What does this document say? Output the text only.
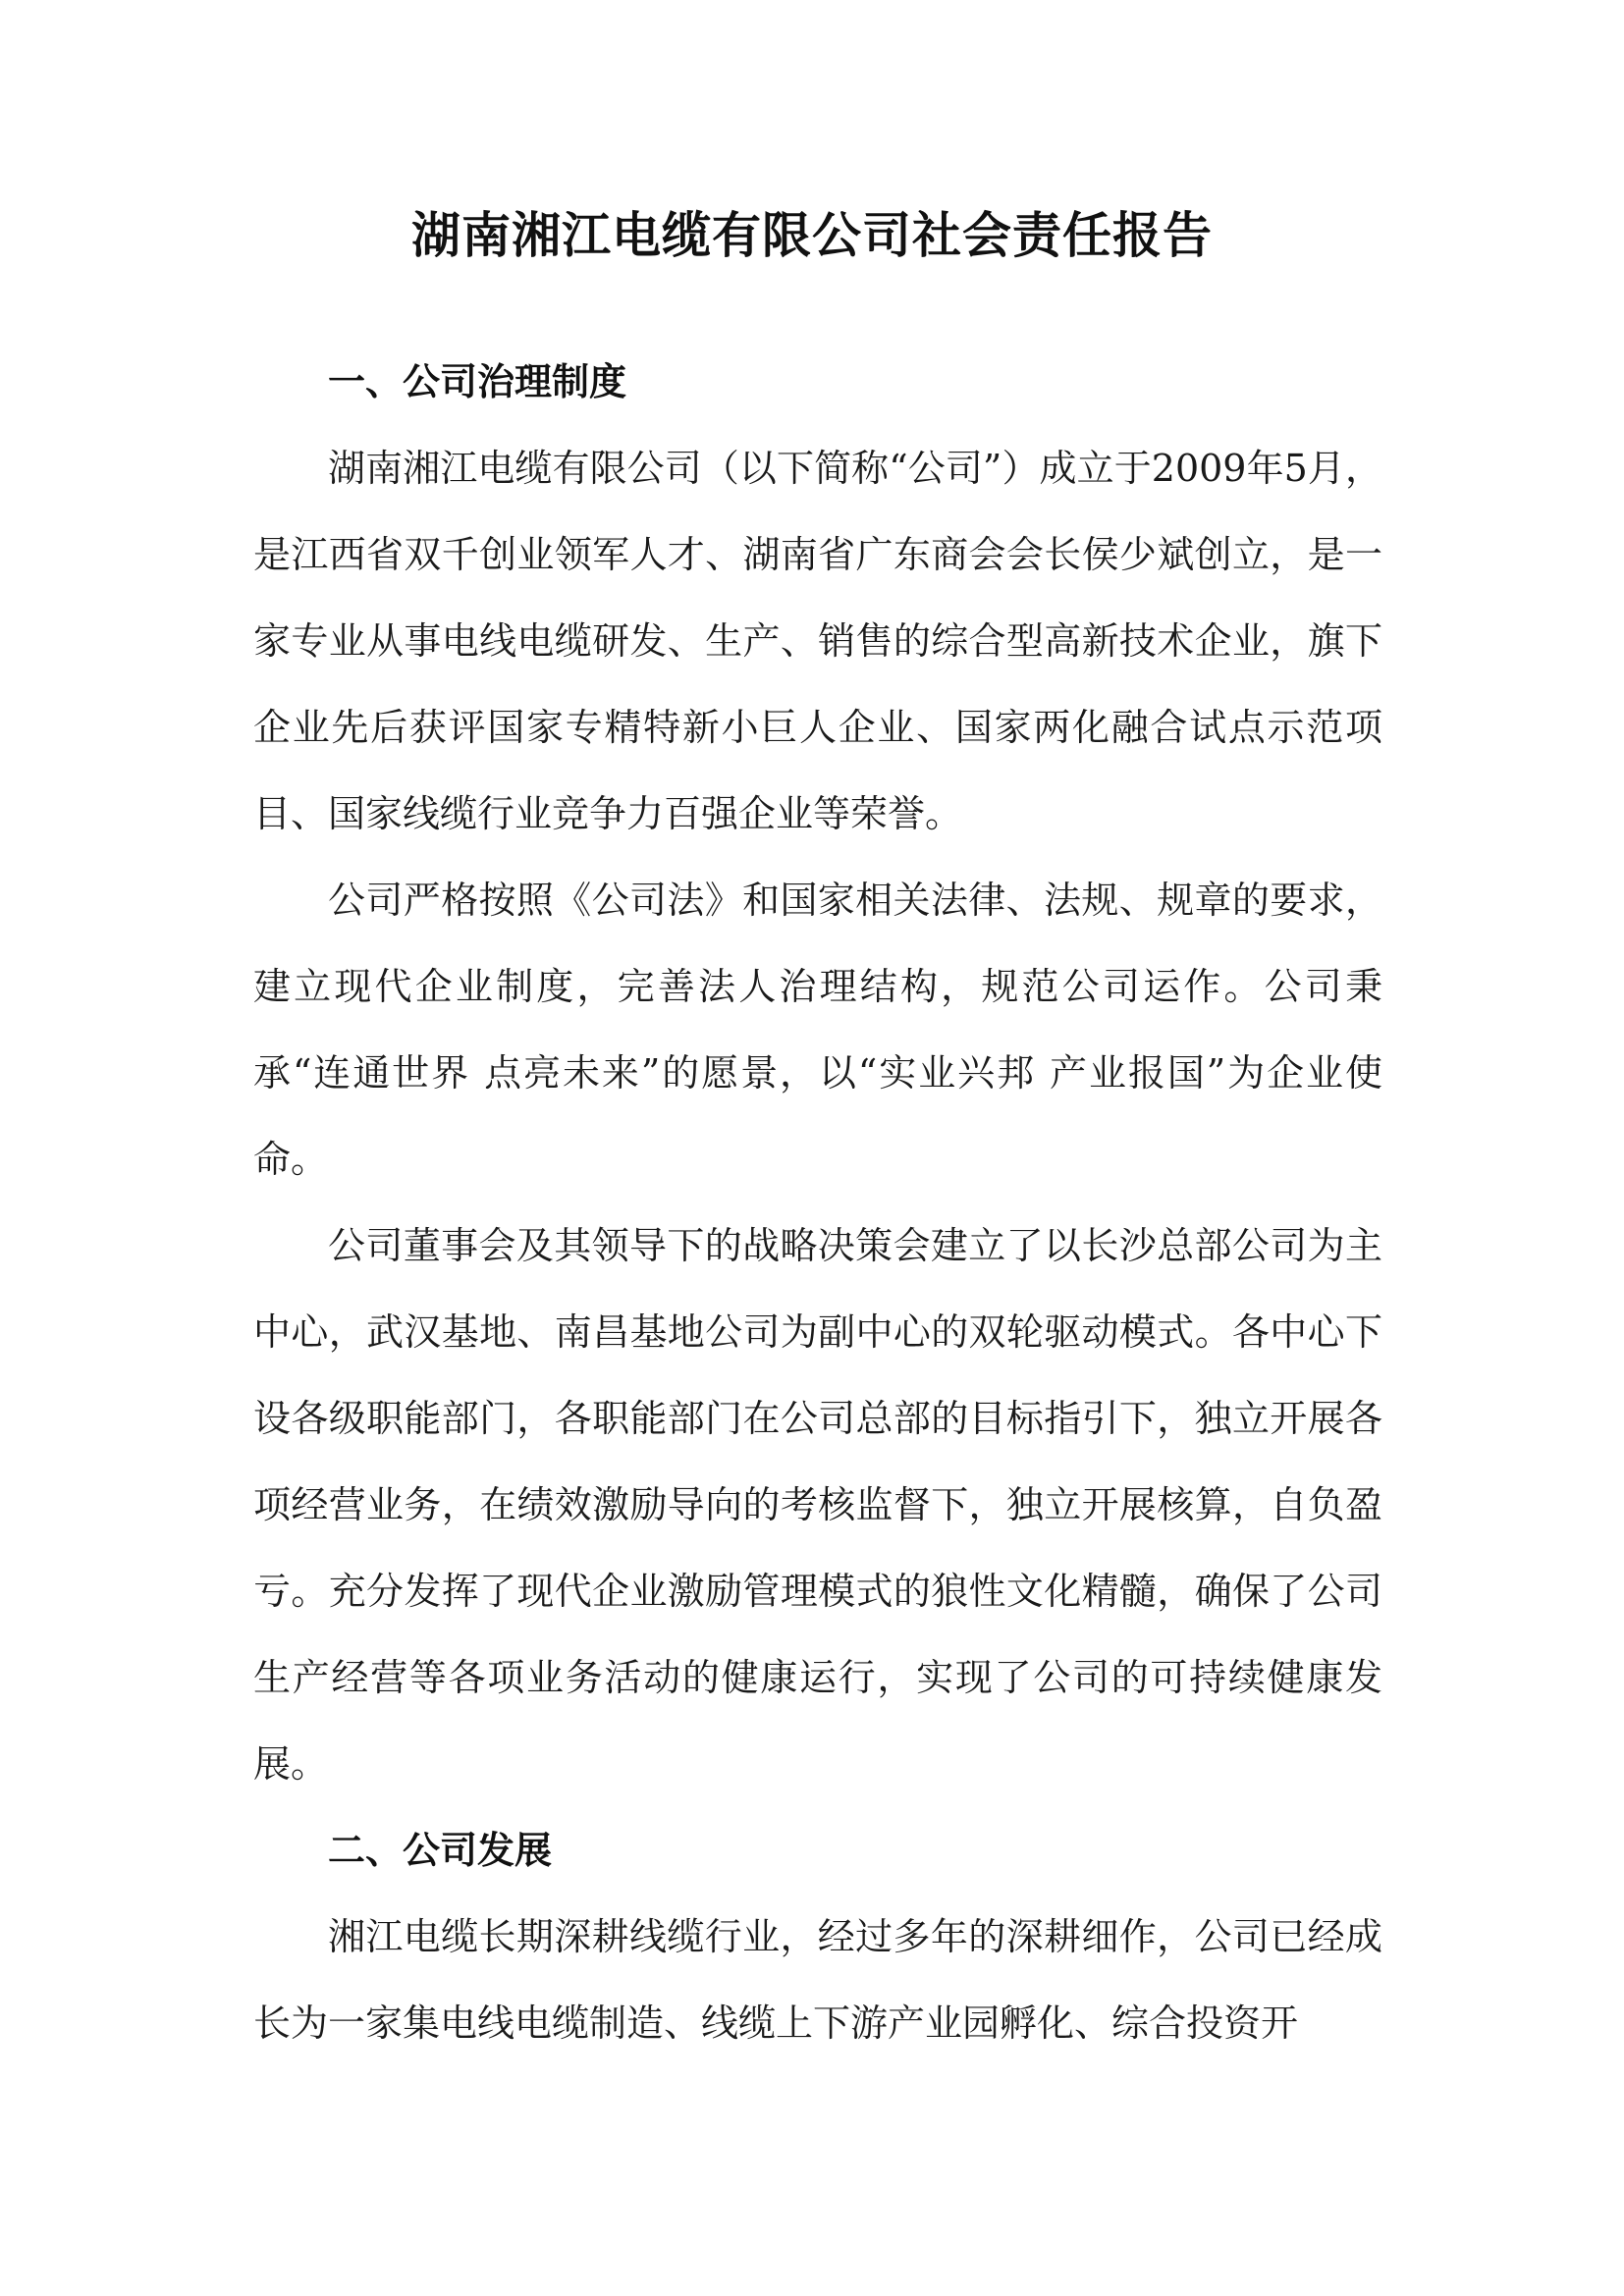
湖南湘江电缆有限公司社会责任报告

一、公司治理制度

湖南湘江电缆有限公司（以下简称“公司”）成立于2009年5月，是江西省双千创业领军人才、湖南省广东商会会长侯少斌创立，是一家专业从事电线电缆研发、生产、销售的综合型高新技术企业，旗下企业先后获评国家专精特新小巨人企业、国家两化融合试点示范项目、国家线缆行业竞争力百强企业等荣誉。

公司严格按照《公司法》和国家相关法律、法规、规章的要求，建立现代企业制度，完善法人治理结构，规范公司运作。公司秉承“连通世界 点亮未来”的愿景，以“实业兴邦 产业报国”为企业使命。

公司董事会及其领导下的战略决策会建立了以长沙总部公司为主中心，武汉基地、南昌基地公司为副中心的双轮驱动模式。各中心下设各级职能部门，各职能部门在公司总部的目标指引下，独立开展各项经营业务，在绩效激励导向的考核监督下，独立开展核算，自负盈亏。充分发挥了现代企业激励管理模式的狼性文化精髓，确保了公司生产经营等各项业务活动的健康运行，实现了公司的可持续健康发展。

二、公司发展

湘江电缆长期深耕线缆行业，经过多年的深耕细作，公司已经成长为一家集电线电缆制造、线缆上下游产业园孵化、综合投资开
